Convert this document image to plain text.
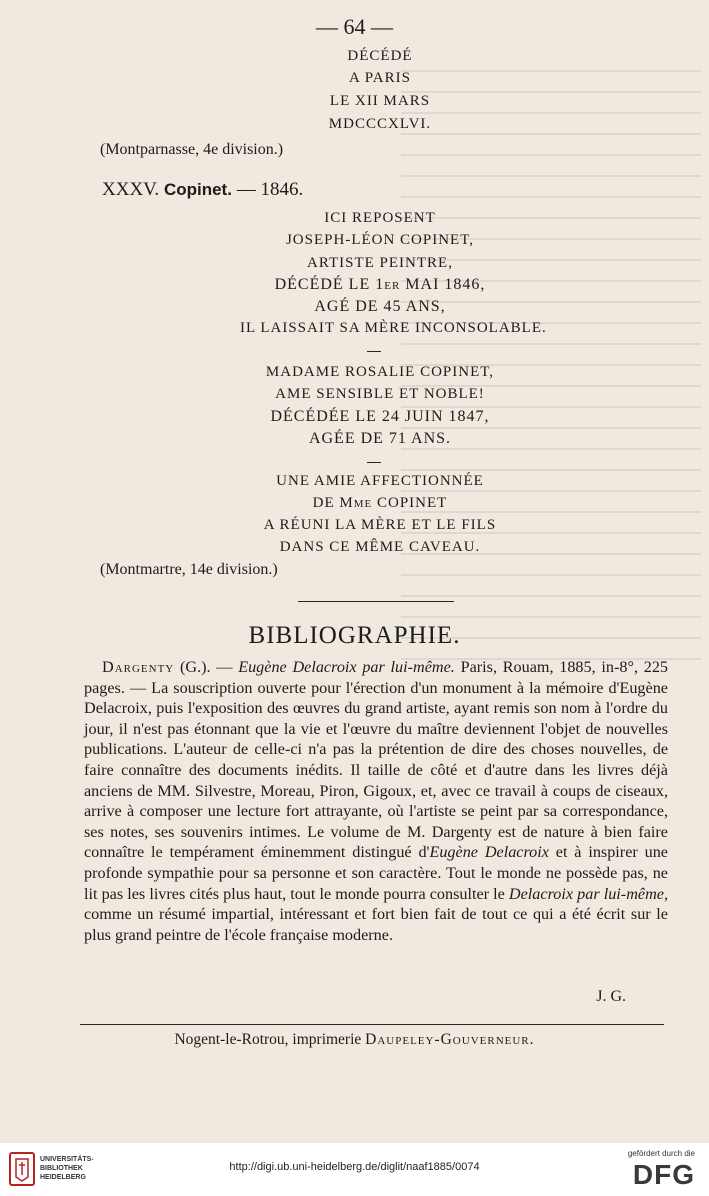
— 64 —
DÉCÉDÉ
A PARIS
LE XII MARS
MDCCCXLVI.
(Montparnasse, 4e division.)
XXXV. Copinet. — 1846.
ICI REPOSENT
JOSEPH-LÉON COPINET,
ARTISTE PEINTRE,
DÉCÉDÉ LE 1er MAI 1846,
AGÉ DE 45 ANS,
IL LAISSAIT SA MÈRE INCONSOLABLE.
MADAME ROSALIE COPINET,
AME SENSIBLE ET NOBLE!
DÉCÉDÉE LE 24 JUIN 1847,
AGÉE DE 71 ANS.
UNE AMIE AFFECTIONNÉE
DE Mme COPINET
A RÉUNI LA MÈRE ET LE FILS
DANS CE MÊME CAVEAU.
(Montmartre, 14e division.)
BIBLIOGRAPHIE.

Dargenty (G.). — Eugène Delacroix par lui-même. Paris, Rouam, 1885, in-8°, 225 pages. — La souscription ouverte pour l'érection d'un monument à la mémoire d'Eugène Delacroix, puis l'exposition des œuvres du grand artiste, ayant remis son nom à l'ordre du jour, il n'est pas étonnant que la vie et l'œuvre du maître deviennent l'objet de nouvelles publications. L'auteur de celle-ci n'a pas la prétention de dire des choses nouvelles, de faire connaître des documents inédits. Il taille de côté et d'autre dans les livres déjà anciens de MM. Silvestre, Moreau, Piron, Gigoux, et, avec ce travail à coups de ciseaux, arrive à composer une lecture fort attrayante, où l'artiste se peint par sa correspondance, ses notes, ses souvenirs intimes. Le volume de M. Dargenty est de nature à bien faire connaître le tempérament éminemment distingué d'Eugène Delacroix et à inspirer une profonde sympathie pour sa personne et son caractère. Tout le monde ne possède pas, ne lit pas les livres cités plus haut, tout le monde pourra consulter le Delacroix par lui-même, comme un résumé impartial, intéressant et fort bien fait de tout ce qui a été écrit sur le plus grand peintre de l'école française moderne.

J. G.
Nogent-le-Rotrou, imprimerie Daupeley-Gouverneur.
UNIVERSITÄTS-
BIBLIOTHEK
HEIDELBERG
http://digi.ub.uni-heidelberg.de/diglit/naaf1885/0074
gefördert durch die
DFG
